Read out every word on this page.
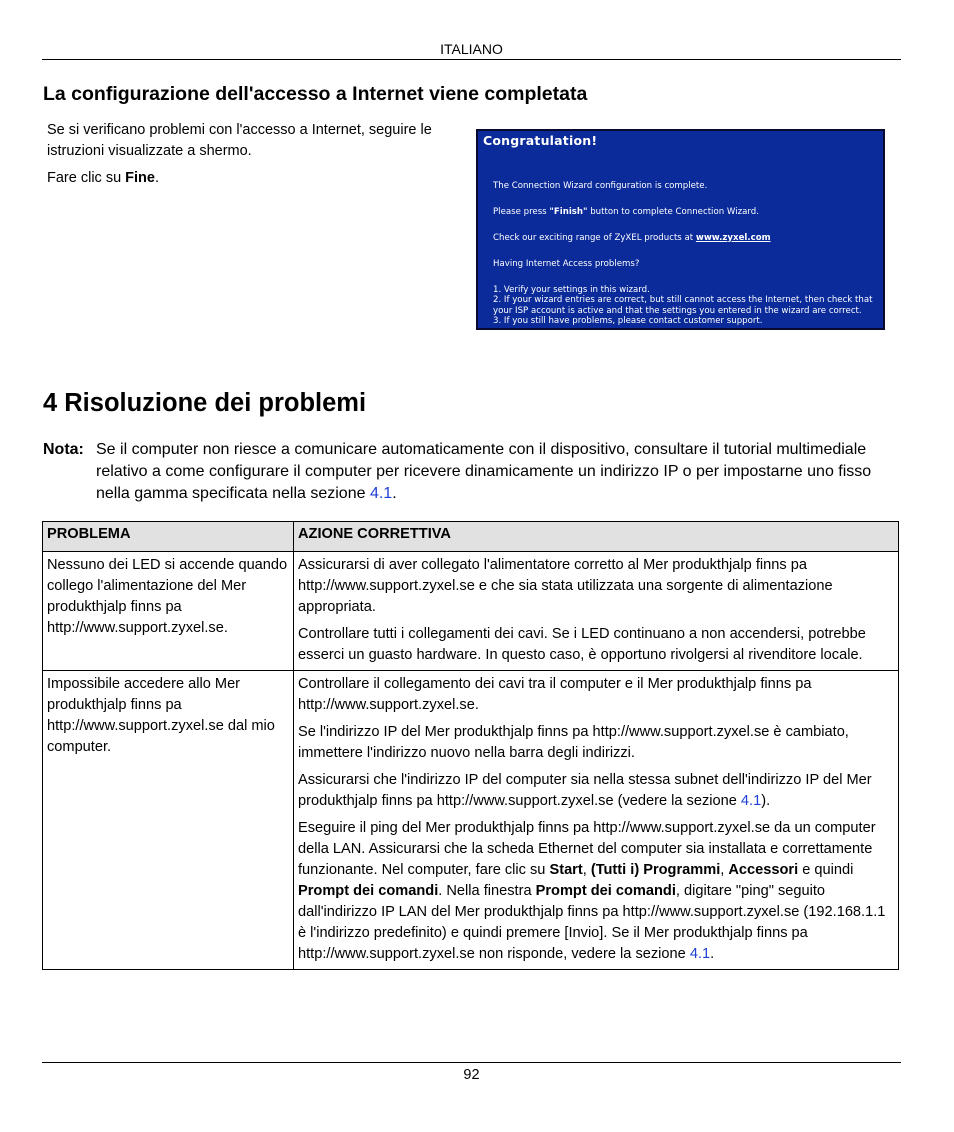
ITALIANO
La configurazione dell'accesso a Internet viene completata

Se si verificano problemi con l'accesso a Internet, seguire le istruzioni visualizzate a shermo.

Fare clic su Fine.

Congratulation!
The Connection Wizard configuration is complete.
Please press "Finish" button to complete Connection Wizard.
Check our exciting range of ZyXEL products at www.zyxel.com
Having Internet Access problems?
1. Verify your settings in this wizard.
2. If your wizard entries are correct, but still cannot access the Internet, then check that your ISP account is active and that the settings you entered in the wizard are correct.
3. If you still have problems, please contact customer support.
4 Risoluzione dei problemi
Nota: Se il computer non riesce a comunicare automaticamente con il dispositivo, consultare il tutorial multimediale relativo a come configurare il computer per ricevere dinamicamente un indirizzo IP o per impostarne uno fisso nella gamma specificata nella sezione 4.1.
PROBLEMA	AZIONE CORRETTIVA
Nessuno dei LED si accende quando collego l'alimentazione del Mer produkthjalp finns pa http://www.support.zyxel.se.	Assicurarsi di aver collegato l'alimentatore corretto al Mer produkthjalp finns pa http://www.support.zyxel.se e che sia stata utilizzata una sorgente di alimentazione appropriata.

Controllare tutti i collegamenti dei cavi. Se i LED continuano a non accendersi, potrebbe esserci un guasto hardware. In questo caso, è opportuno rivolgersi al rivenditore locale.

Impossibile accedere allo Mer produkthjalp finns pa http://www.support.zyxel.se dal mio computer.	Controllare il collegamento dei cavi tra il computer e il Mer produkthjalp finns pa http://www.support.zyxel.se.

Se l'indirizzo IP del Mer produkthjalp finns pa http://www.support.zyxel.se è cambiato, immettere l'indirizzo nuovo nella barra degli indirizzi.

Assicurarsi che l'indirizzo IP del computer sia nella stessa subnet dell'indirizzo IP del Mer produkthjalp finns pa http://www.support.zyxel.se (vedere la sezione 4.1).

Eseguire il ping del Mer produkthjalp finns pa http://www.support.zyxel.se da un computer della LAN. Assicurarsi che la scheda Ethernet del computer sia installata e correttamente funzionante. Nel computer, fare clic su Start, (Tutti i) Programmi, Accessori e quindi Prompt dei comandi. Nella finestra Prompt dei comandi, digitare "ping" seguito dall'indirizzo IP LAN del Mer produkthjalp finns pa http://www.support.zyxel.se (192.168.1.1 è l'indirizzo predefinito) e quindi premere [Invio]. Se il Mer produkthjalp finns pa http://www.support.zyxel.se non risponde, vedere la sezione 4.1.

92
